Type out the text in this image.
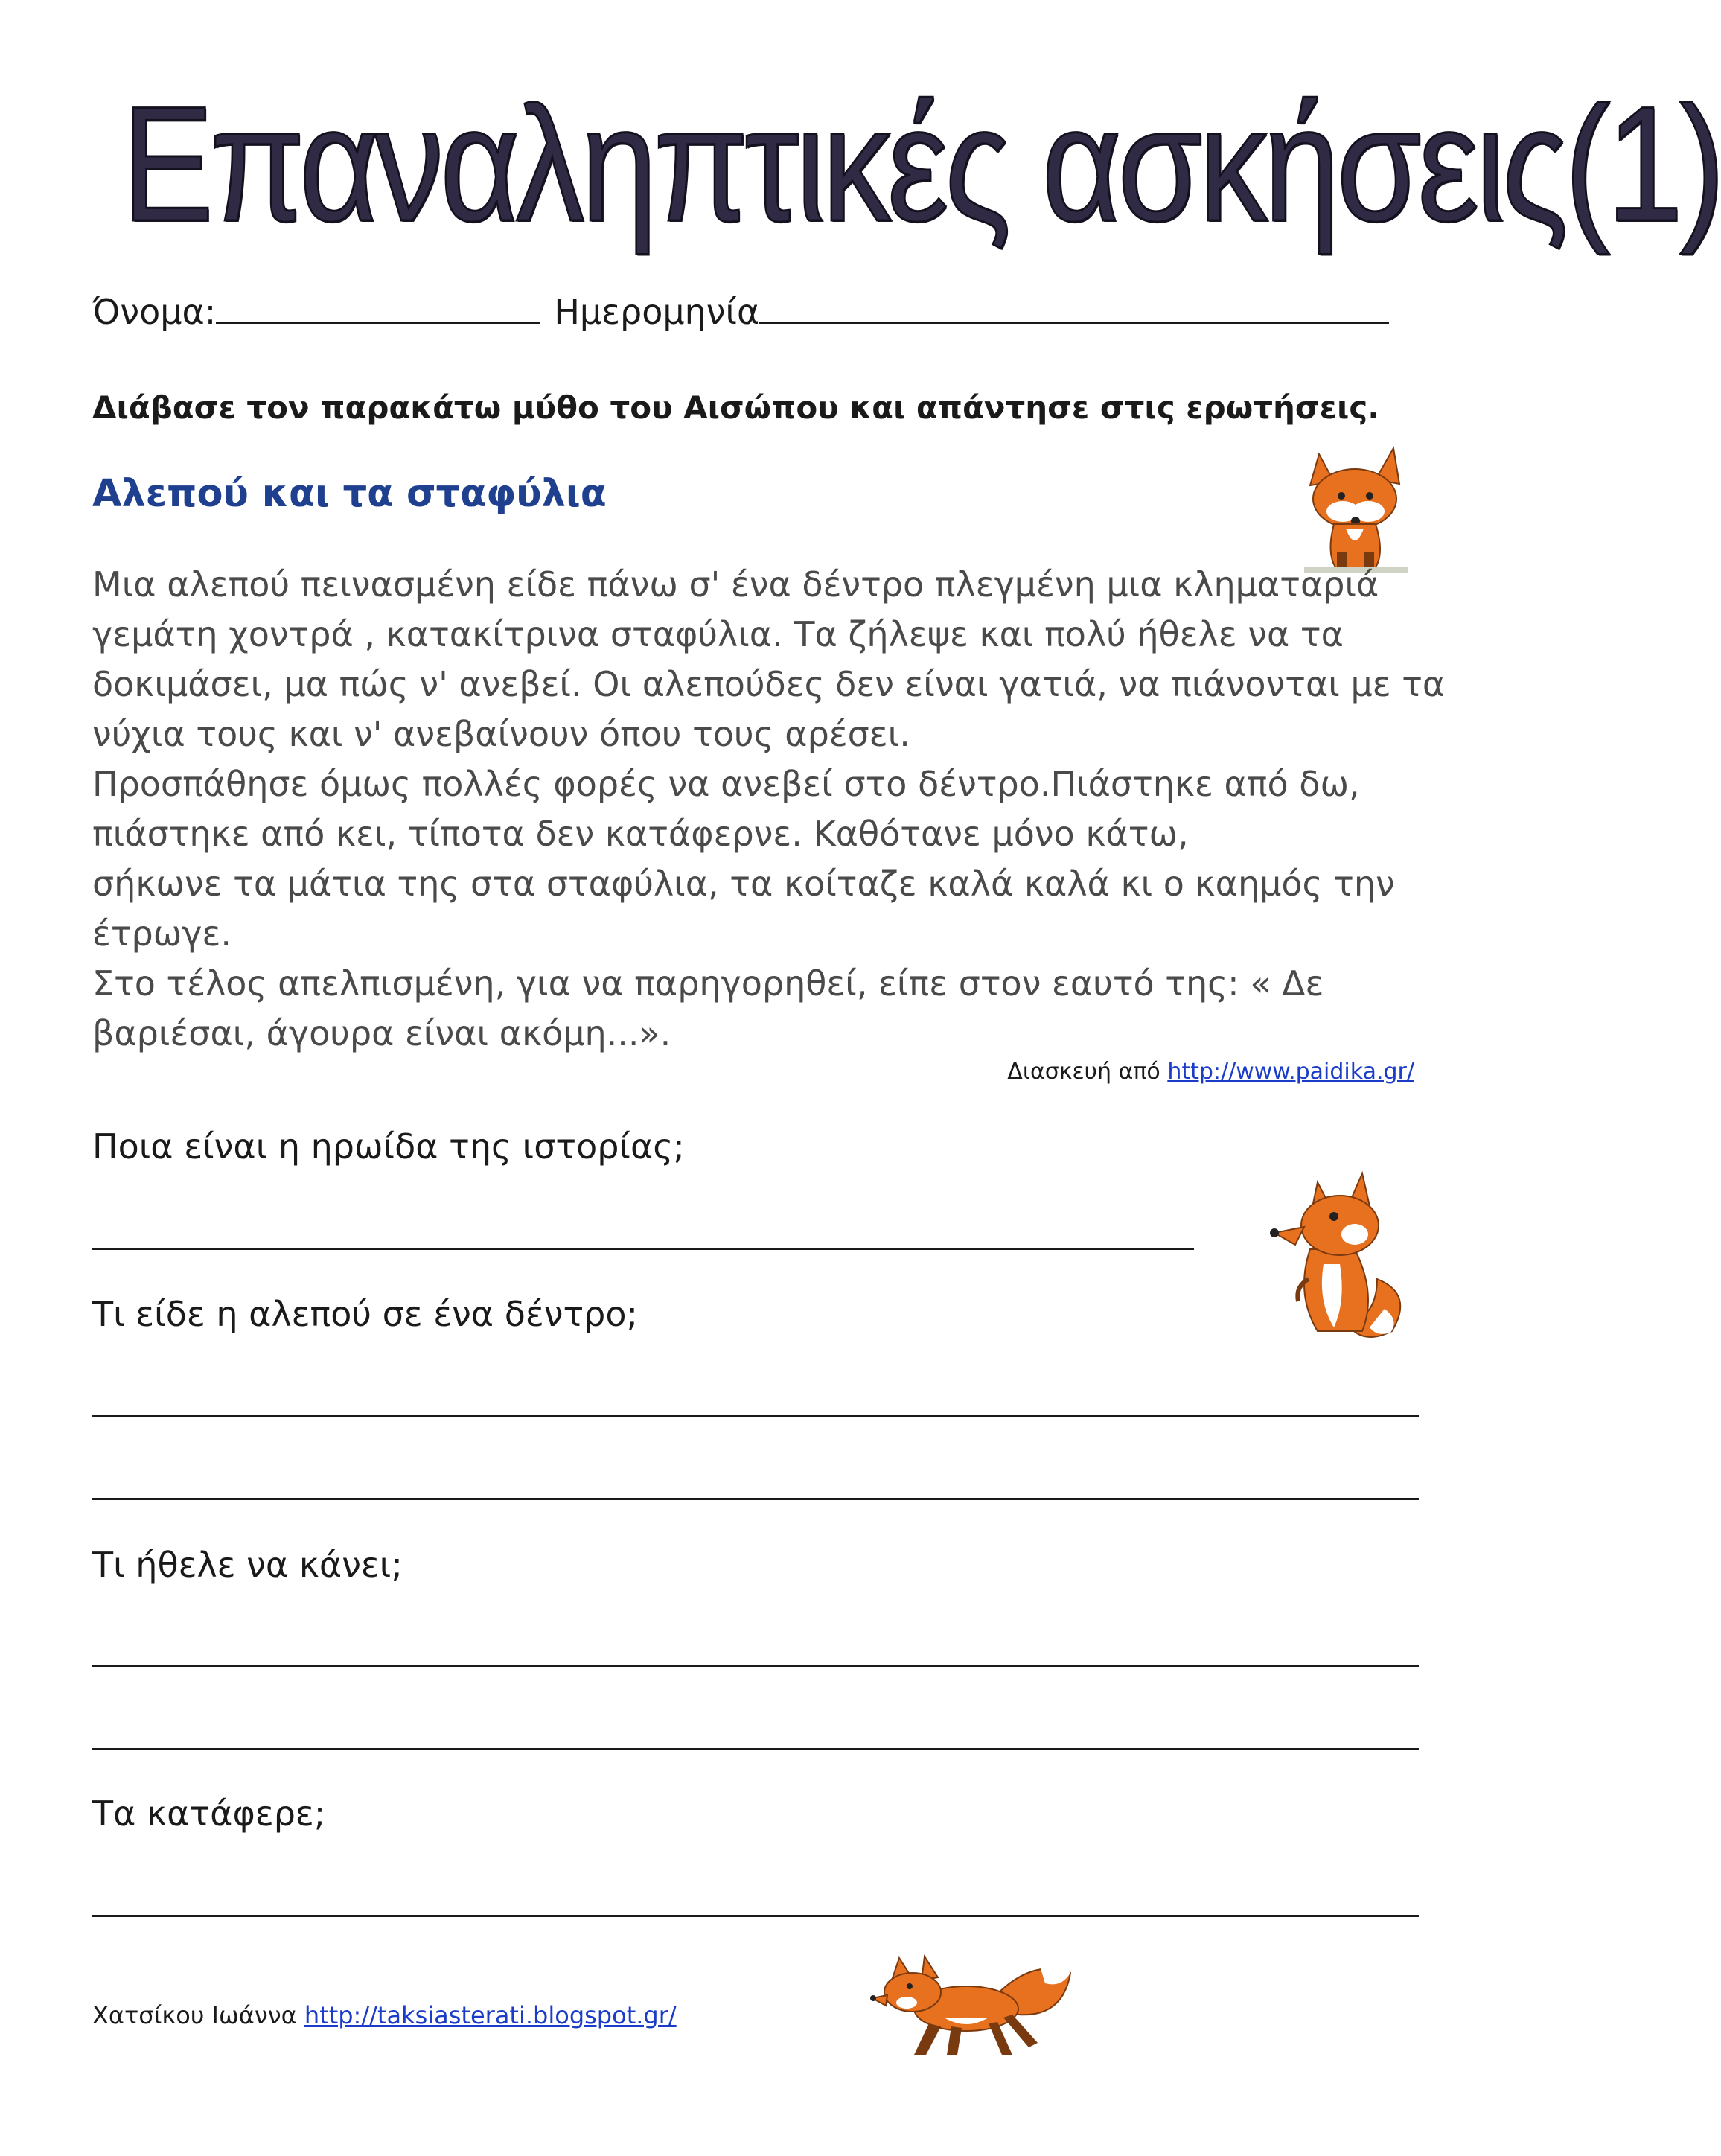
Επαναληπτικές ασκήσεις(1)
Όνομα:	Ημερομηνία
Διάβασε τον παρακάτω μύθο του Αισώπου και απάντησε στις ερωτήσεις.
Αλεπού και τα σταφύλια

Μια αλεπού πεινασμένη είδε πάνω σ' ένα δέντρο πλεγμένη μια κληματαριά

γεμάτη χοντρά , κατακίτρινα σταφύλια. Τα ζήλεψε και πολύ ήθελε να τα

δοκιμάσει, μα πώς ν' ανεβεί. Οι αλεπούδες δεν είναι γατιά, να πιάνονται με τα

νύχια τους και ν' ανεβαίνουν όπου τους αρέσει.

Προσπάθησε όμως πολλές φορές να ανεβεί στο δέντρο.Πιάστηκε από δω,

πιάστηκε από κει, τίποτα δεν κατάφερνε. Καθότανε μόνο κάτω,

σήκωνε τα μάτια της στα σταφύλια, τα κοίταζε καλά καλά κι ο καημός την

έτρωγε.

Στο τέλος απελπισμένη, για να παρηγορηθεί, είπε στον εαυτό της: « Δε

βαριέσαι, άγουρα είναι ακόμη...».

Διασκευή από http://www.paidika.gr/
Ποια είναι η ηρωίδα της ιστορίας;
Τι είδε η αλεπού σε ένα δέντρο;
Τι ήθελε να κάνει;
Τα κατάφερε;
Χατσίκου Ιωάννα http://taksiasterati.blogspot.gr/
